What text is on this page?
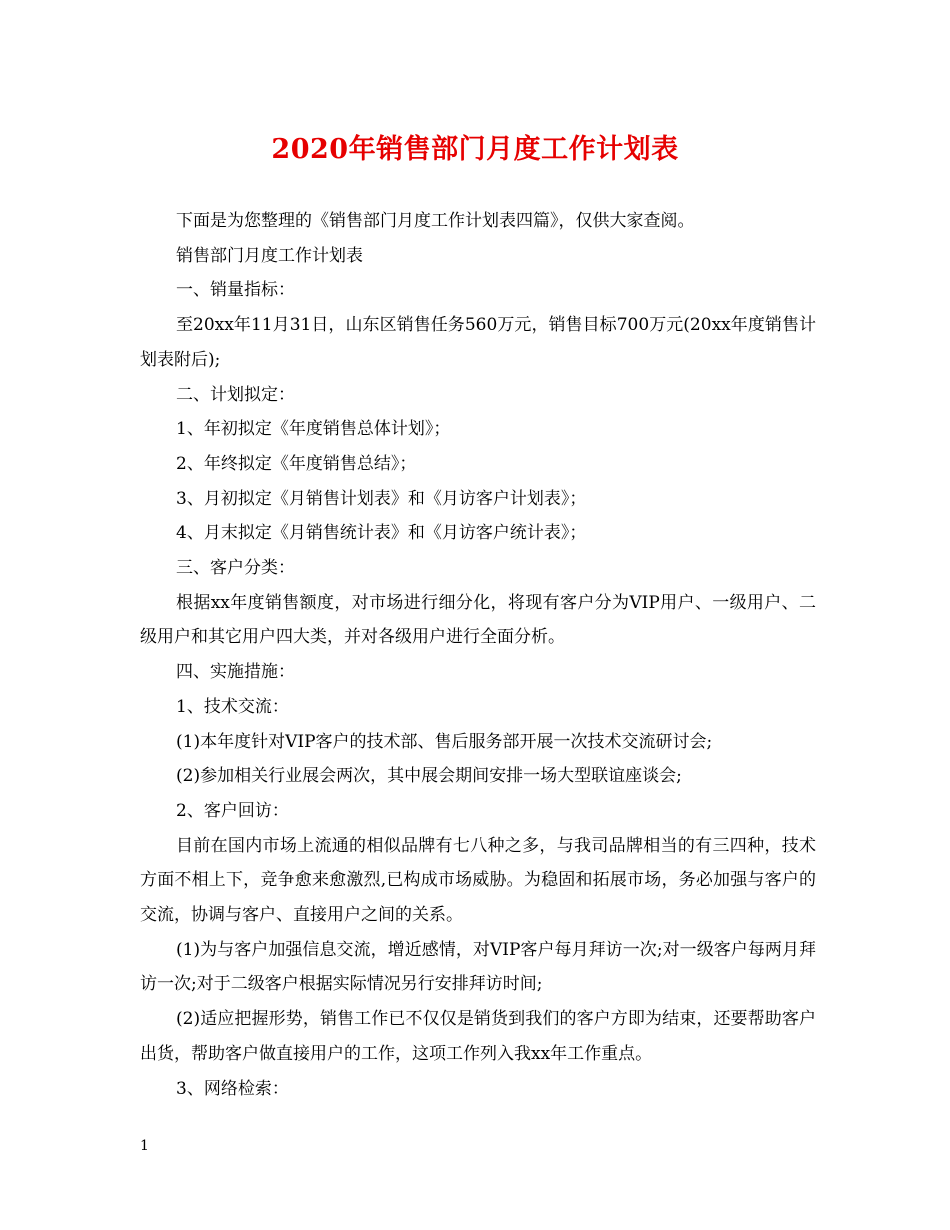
2020年销售部门月度工作计划表

下面是为您整理的《销售部门月度工作计划表四篇》，仅供大家查阅。

销售部门月度工作计划表

一、销量指标：

至20xx年11月31日，山东区销售任务560万元，销售目标700万元(20xx年度销售计划表附后);

二、计划拟定：

1、年初拟定《年度销售总体计划》；

2、年终拟定《年度销售总结》；

3、月初拟定《月销售计划表》和《月访客户计划表》；

4、月末拟定《月销售统计表》和《月访客户统计表》；

三、客户分类：

根据xx年度销售额度，对市场进行细分化，将现有客户分为VIP用户、一级用户、二级用户和其它用户四大类，并对各级用户进行全面分析。

四、实施措施：

1、技术交流：

(1)本年度针对VIP客户的技术部、售后服务部开展一次技术交流研讨会;

(2)参加相关行业展会两次，其中展会期间安排一场大型联谊座谈会;

2、客户回访：

目前在国内市场上流通的相似品牌有七八种之多，与我司品牌相当的有三四种，技术方面不相上下，竞争愈来愈激烈,已构成市场威胁。为稳固和拓展市场，务必加强与客户的交流，协调与客户、直接用户之间的关系。

(1)为与客户加强信息交流，增近感情，对VIP客户每月拜访一次;对一级客户每两月拜访一次;对于二级客户根据实际情况另行安排拜访时间;

(2)适应把握形势，销售工作已不仅仅是销货到我们的客户方即为结束，还要帮助客户出货，帮助客户做直接用户的工作，这项工作列入我xx年工作重点。

3、网络检索：

1
